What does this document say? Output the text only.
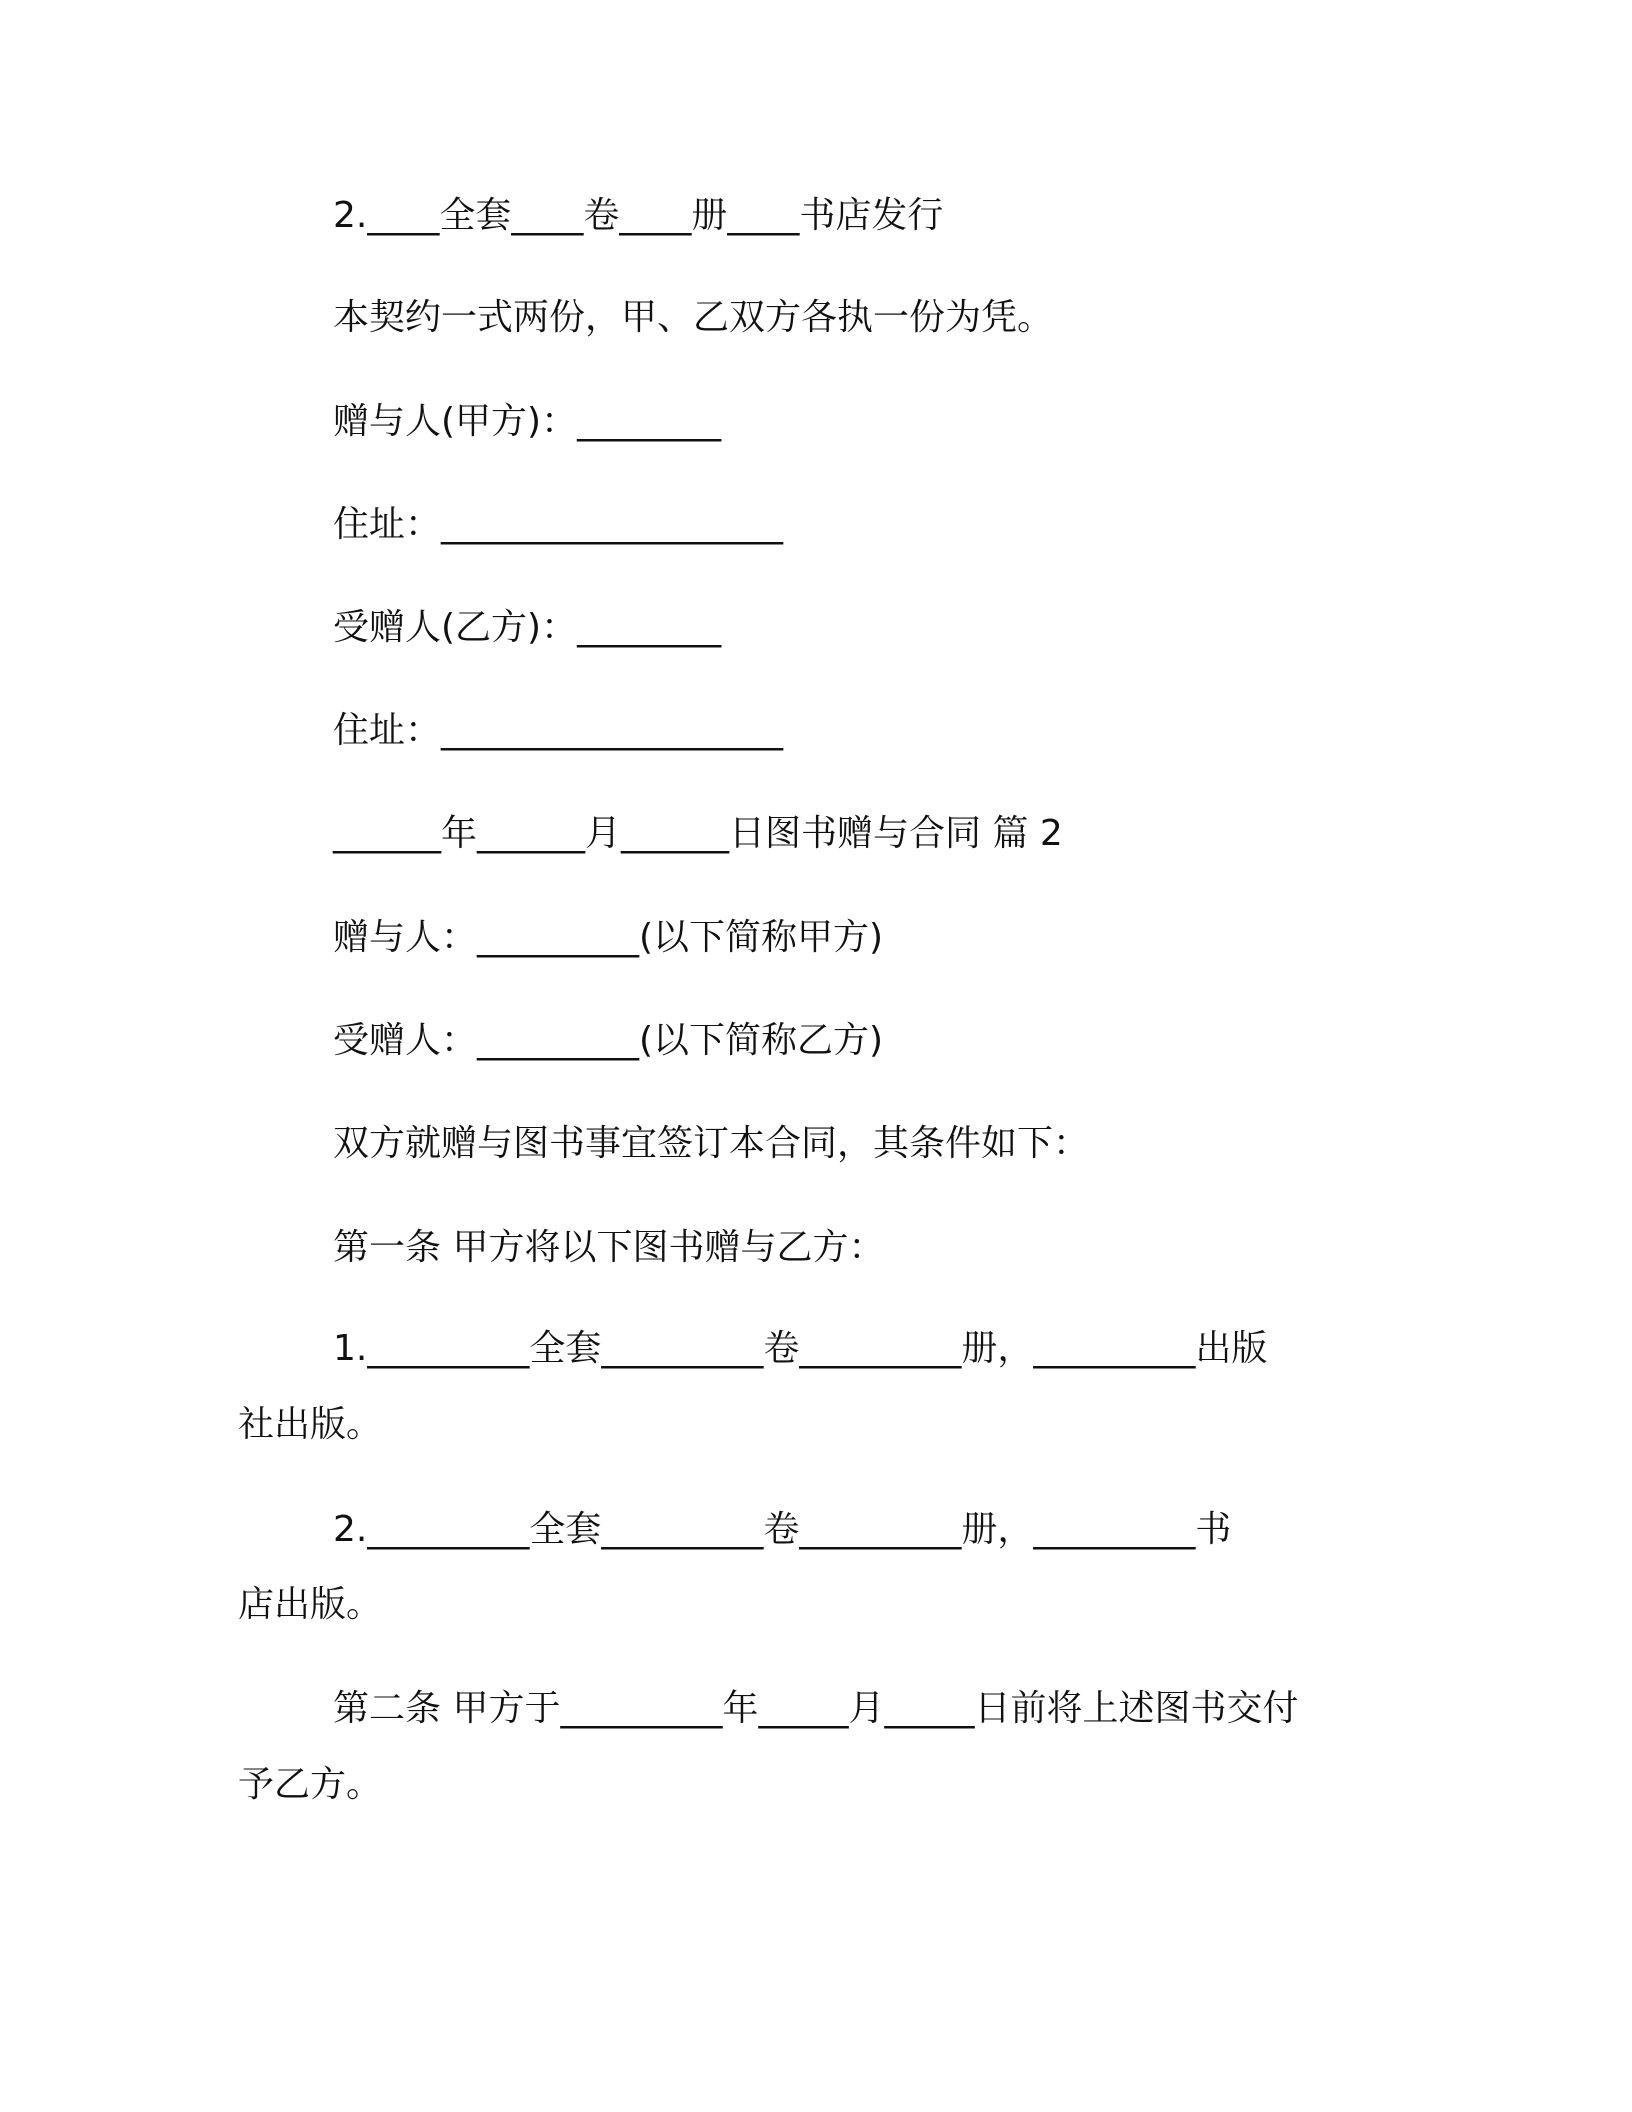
2.____全套____卷____册____书店发行
本契约一式两份，甲、乙双方各执一份为凭。
赠与人(甲方)：________
住址：___________________
受赠人(乙方)：________
住址：___________________
______年______月______日图书赠与合同 篇 2
赠与人：_________(以下简称甲方)
受赠人：_________(以下简称乙方)
双方就赠与图书事宜签订本合同，其条件如下：
第一条 甲方将以下图书赠与乙方：
1._________全套_________卷_________册，_________出版
社出版。
2._________全套_________卷_________册，_________书
店出版。
第二条 甲方于_________年_____月_____日前将上述图书交付
予乙方。
